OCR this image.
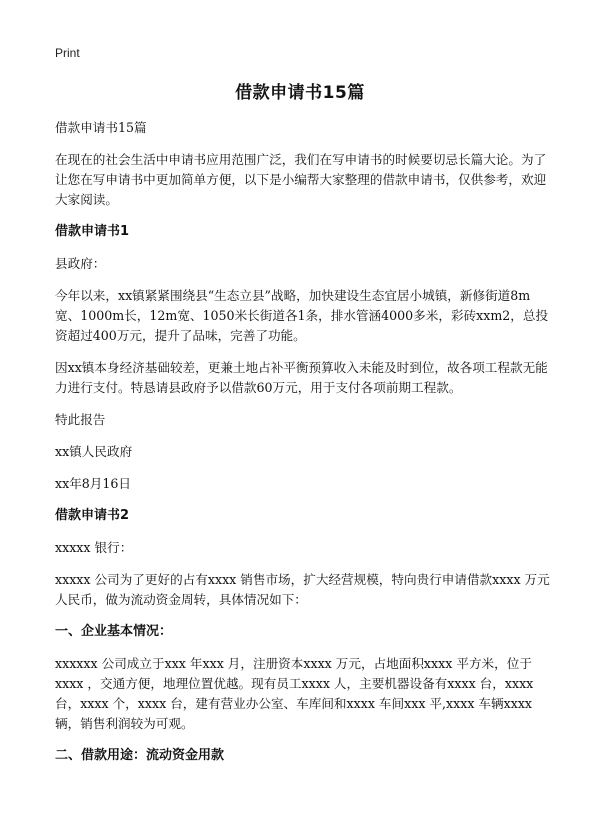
Print
借款申请书15篇

借款申请书15篇

在现在的社会生活中申请书应用范围广泛，我们在写申请书的时候要切忌长篇大论。为了让您在写申请书中更加简单方便，以下是小编帮大家整理的借款申请书，仅供参考，欢迎大家阅读。

借款申请书1

县政府：

今年以来，xx镇紧紧围绕县“生态立县”战略，加快建设生态宜居小城镇，新修街道8m宽、1000m长，12m宽、1050米长街道各1条，排水管涵4000多米，彩砖xxm2，总投资超过400万元，提升了品味，完善了功能。

因xx镇本身经济基础较差，更兼土地占补平衡预算收入未能及时到位，故各项工程款无能力进行支付。特恳请县政府予以借款60万元，用于支付各项前期工程款。

特此报告

xx镇人民政府

xx年8月16日

借款申请书2

xxxxx 银行：

xxxxx 公司为了更好的占有xxxx 销售市场，扩大经营规模，特向贵行申请借款xxxx 万元人民币，做为流动资金周转，具体情况如下：

一、企业基本情况：

xxxxxx 公司成立于xxx 年xxx 月，注册资本xxxx 万元，占地面积xxxx 平方米，位于xxxx ，交通方便，地理位置优越。现有员工xxxx 人，主要机器设备有xxxx 台，xxxx 台，xxxx 个，xxxx 台，建有营业办公室、车库间和xxxx 车间xxx 平,xxxx 车辆xxxx 辆，销售利润较为可观。

二、借款用途：流动资金用款
